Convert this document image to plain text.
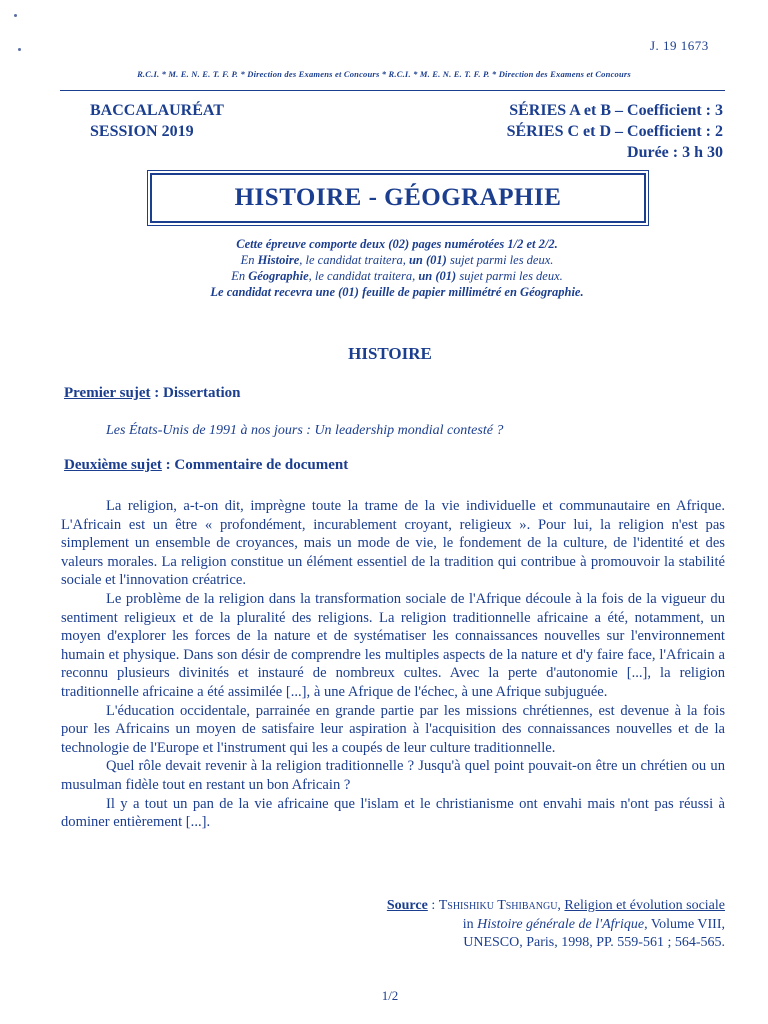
J. 19 1673
R.C.I. * M. E. N. E. T. F. P. * Direction des Examens et Concours * R.C.I. * M. E. N. E. T. F. P. * Direction des Examens et Concours
BACCALAURÉAT
SESSION 2019
SÉRIES A et B – Coefficient : 3
SÉRIES C et D – Coefficient : 2
Durée : 3 h 30
HISTOIRE - GÉOGRAPHIE

Cette épreuve comporte deux (02) pages numérotées 1/2 et 2/2.

En Histoire, le candidat traitera, un (01) sujet parmi les deux.

En Géographie, le candidat traitera, un (01) sujet parmi les deux.

Le candidat recevra une (01) feuille de papier millimétré en Géographie.

HISTOIRE
Premier sujet : Dissertation
Les États-Unis de 1991 à nos jours : Un leadership mondial contesté ?
Deuxième sujet : Commentaire de document

La religion, a-t-on dit, imprègne toute la trame de la vie individuelle et communautaire en Afrique. L'Africain est un être « profondément, incurablement croyant, religieux ». Pour lui, la religion n'est pas simplement un ensemble de croyances, mais un mode de vie, le fondement de la culture, de l'identité et des valeurs morales. La religion constitue un élément essentiel de la tradition qui contribue à promouvoir la stabilité sociale et l'innovation créatrice.

Le problème de la religion dans la transformation sociale de l'Afrique découle à la fois de la vigueur du sentiment religieux et de la pluralité des religions. La religion traditionnelle africaine a été, notamment, un moyen d'explorer les forces de la nature et de systématiser les connaissances nouvelles sur l'environnement humain et physique. Dans son désir de comprendre les multiples aspects de la nature et d'y faire face, l'Africain a reconnu plusieurs divinités et instauré de nombreux cultes. Avec la perte d'autonomie [...], la religion traditionnelle africaine a été assimilée [...], à une Afrique de l'échec, à une Afrique subjuguée.

L'éducation occidentale, parrainée en grande partie par les missions chrétiennes, est devenue à la fois pour les Africains un moyen de satisfaire leur aspiration à l'acquisition des connaissances nouvelles et de la technologie de l'Europe et l'instrument qui les a coupés de leur culture traditionnelle.

Quel rôle devait revenir à la religion traditionnelle ? Jusqu'à quel point pouvait-on être un chrétien ou un musulman fidèle tout en restant un bon Africain ?

Il y a tout un pan de la vie africaine que l'islam et le christianisme ont envahi mais n'ont pas réussi à dominer entièrement [...].

Source : Tshishiku Tshibangu, Religion et évolution sociale
in Histoire générale de l'Afrique, Volume VIII,
UNESCO, Paris, 1998, PP. 559-561 ; 564-565.
1/2
